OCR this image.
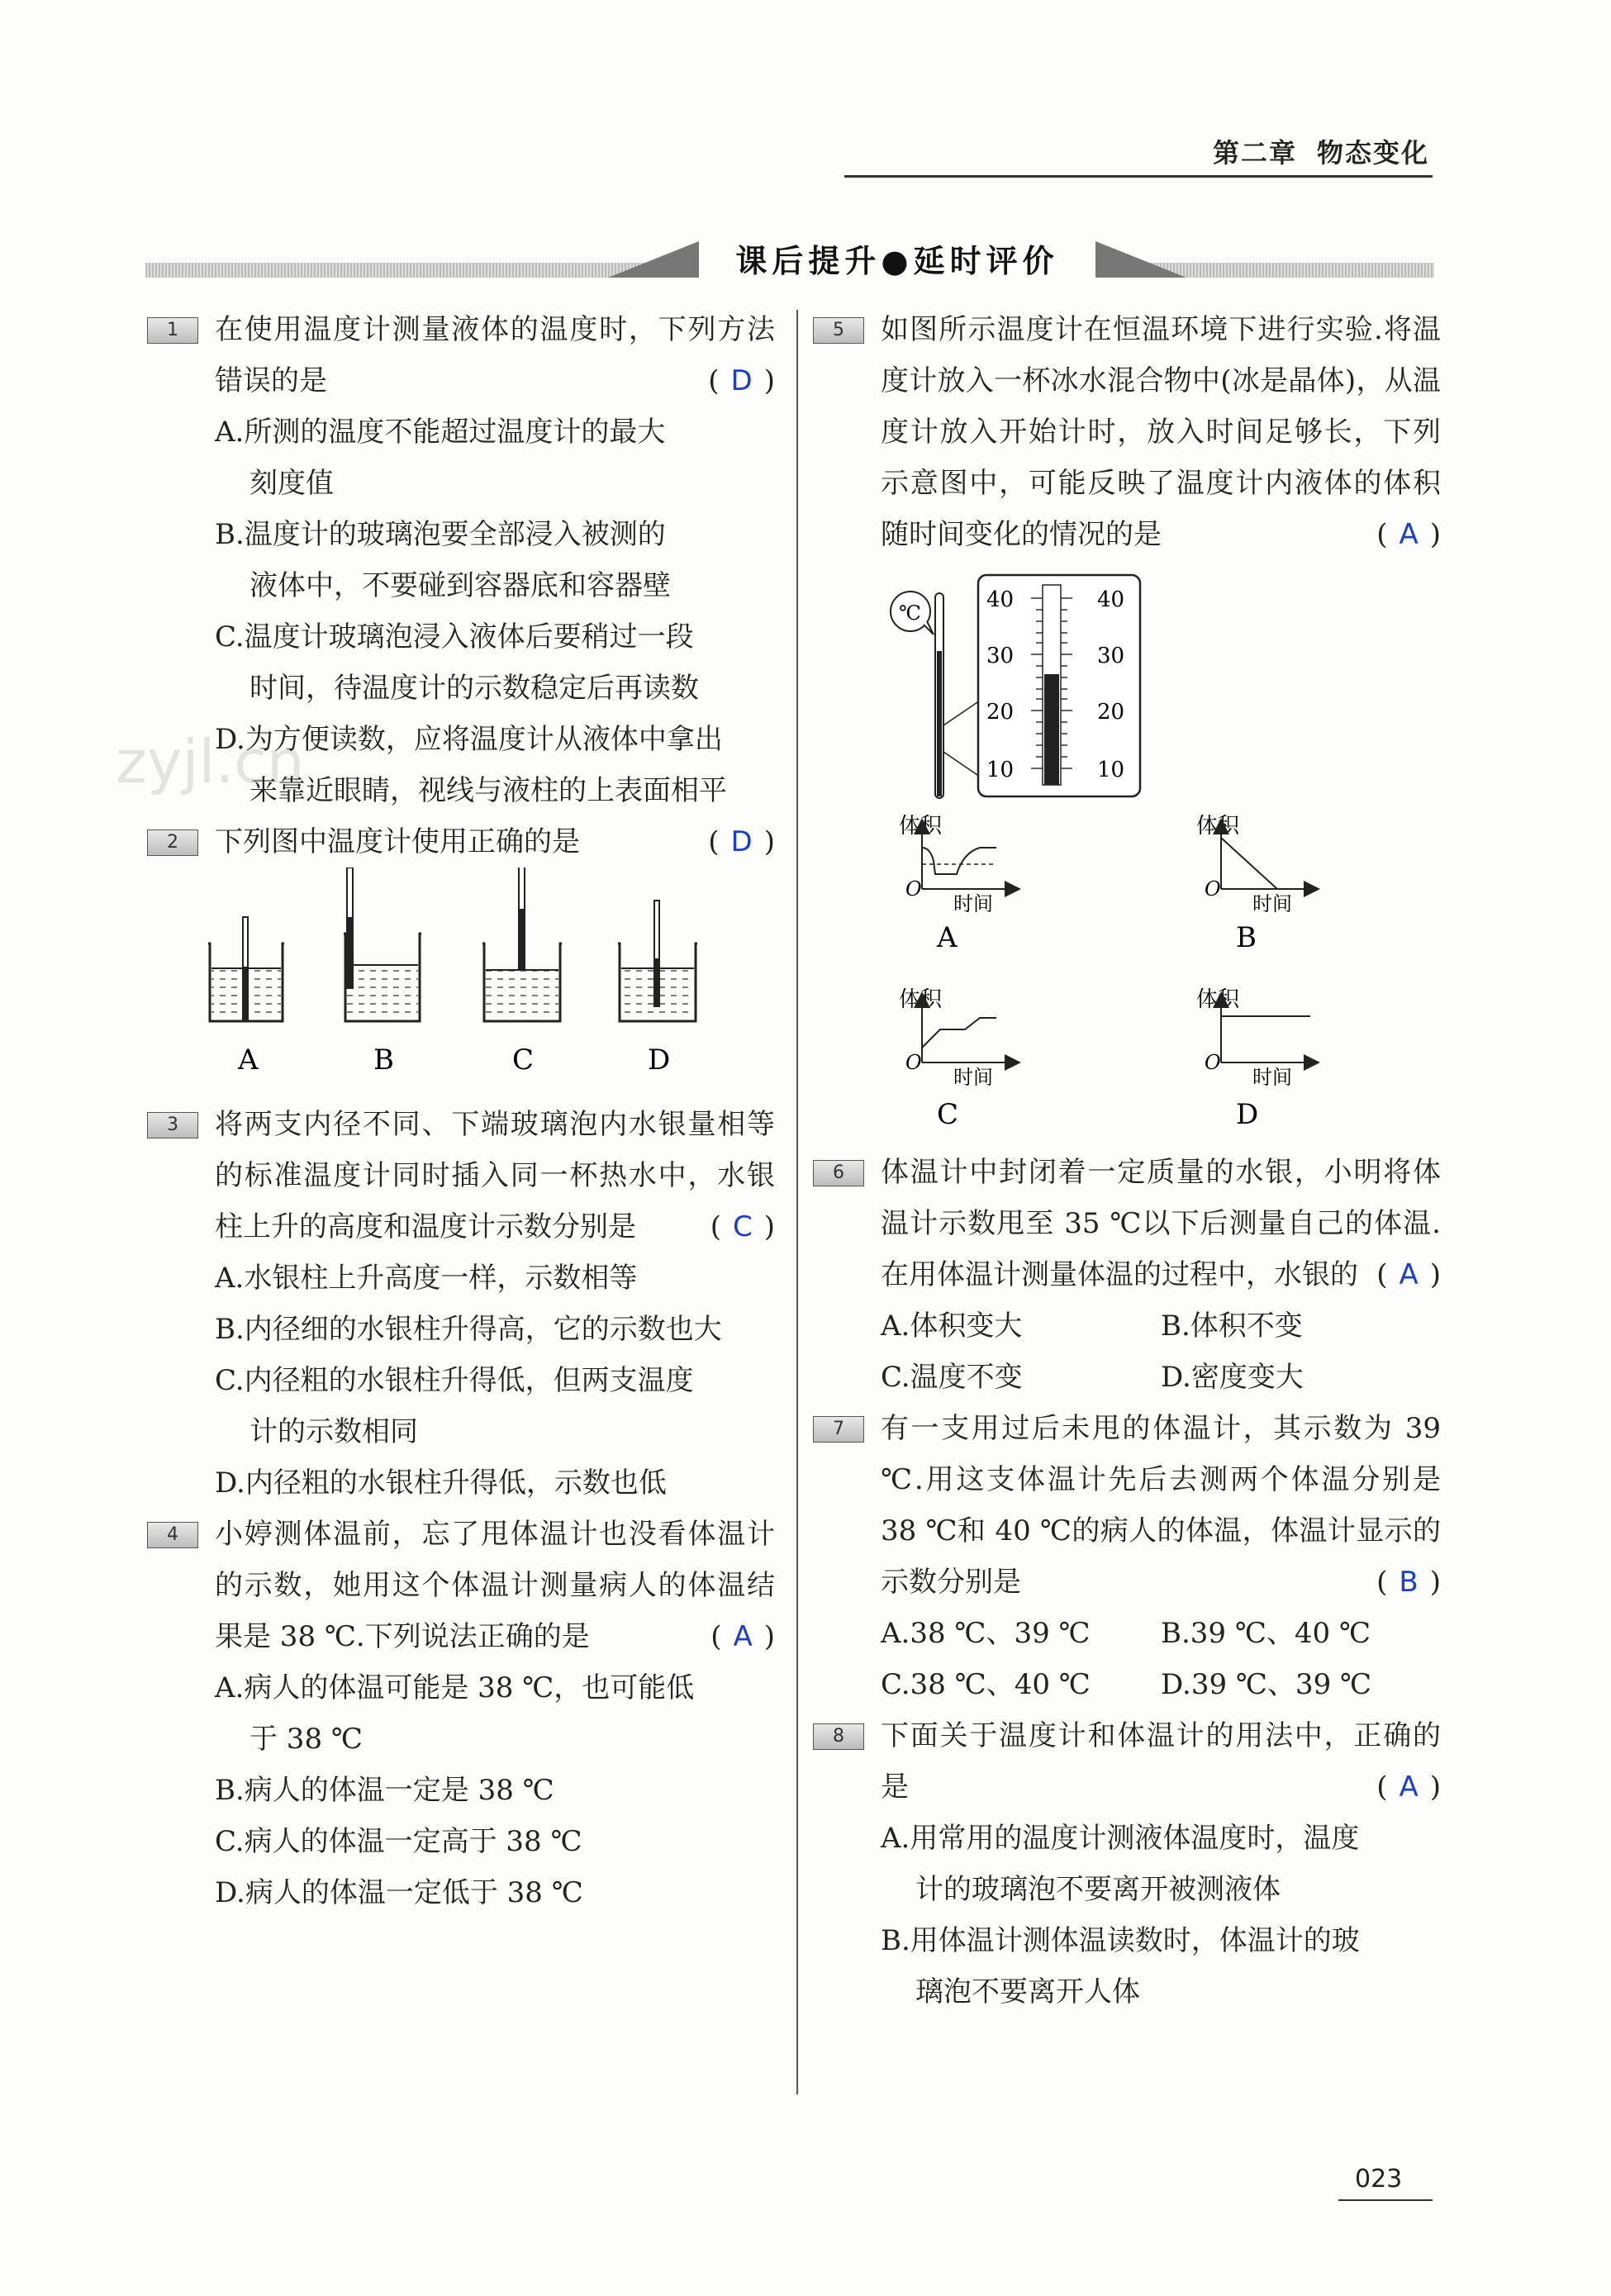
第二章 物态变化
课后提升●延时评价
zyjl.cn
1	在使用温度计测量液体的温度时，下列方法错误的是	( D )
A.所测的温度不能超过温度计的最大
刻度值
B.温度计的玻璃泡要全部浸入被测的
液体中，不要碰到容器底和容器壁
C.温度计玻璃泡浸入液体后要稍过一段
时间，待温度计的示数稳定后再读数
D.为方便读数，应将温度计从液体中拿出
来靠近眼睛，视线与液柱的上表面相平
2	下列图中温度计使用正确的是	( D )
A	B	C	D
3	将两支内径不同、下端玻璃泡内水银量相等的标准温度计同时插入同一杯热水中，水银柱上升的高度和温度计示数分别是	( C )
A.水银柱上升高度一样，示数相等
B.内径细的水银柱升得高，它的示数也大
C.内径粗的水银柱升得低，但两支温度
计的示数相同
D.内径粗的水银柱升得低，示数也低
4	小婷测体温前，忘了甩体温计也没看体温计的示数，她用这个体温计测量病人的体温结果是 38 ℃.下列说法正确的是	( A )
A.病人的体温可能是 38 ℃，也可能低
于 38 ℃
B.病人的体温一定是 38 ℃
C.病人的体温一定高于 38 ℃
D.病人的体温一定低于 38 ℃
5	如图所示温度计在恒温环境下进行实验.将温度计放入一杯冰水混合物中(冰是晶体)，从温度计放入开始计时，放入时间足够长，下列示意图中，可能反映了温度计内液体的体积随时间变化的情况的是	( A )
℃
40
30
20
10
40
30
20
10
体积
O
时间
A
体积
O
时间
B
体积
O
时间
C
体积
O
时间
D
6	体温计中封闭着一定质量的水银，小明将体温计示数甩至 35 ℃以下后测量自己的体温.在用体温计测量体温的过程中，水银的 ( A )
A.体积变大	B.体积不变
C.温度不变	D.密度变大
7	有一支用过后未甩的体温计，其示数为 39 ℃.用这支体温计先后去测两个体温分别是 38 ℃和 40 ℃的病人的体温，体温计显示的示数分别是	( B )
A.38 ℃、39 ℃	B.39 ℃、40 ℃
C.38 ℃、40 ℃	D.39 ℃、39 ℃
8	下面关于温度计和体温计的用法中，正确的是	( A )
A.用常用的温度计测液体温度时，温度
计的玻璃泡不要离开被测液体
B.用体温计测体温读数时，体温计的玻
璃泡不要离开人体
023
